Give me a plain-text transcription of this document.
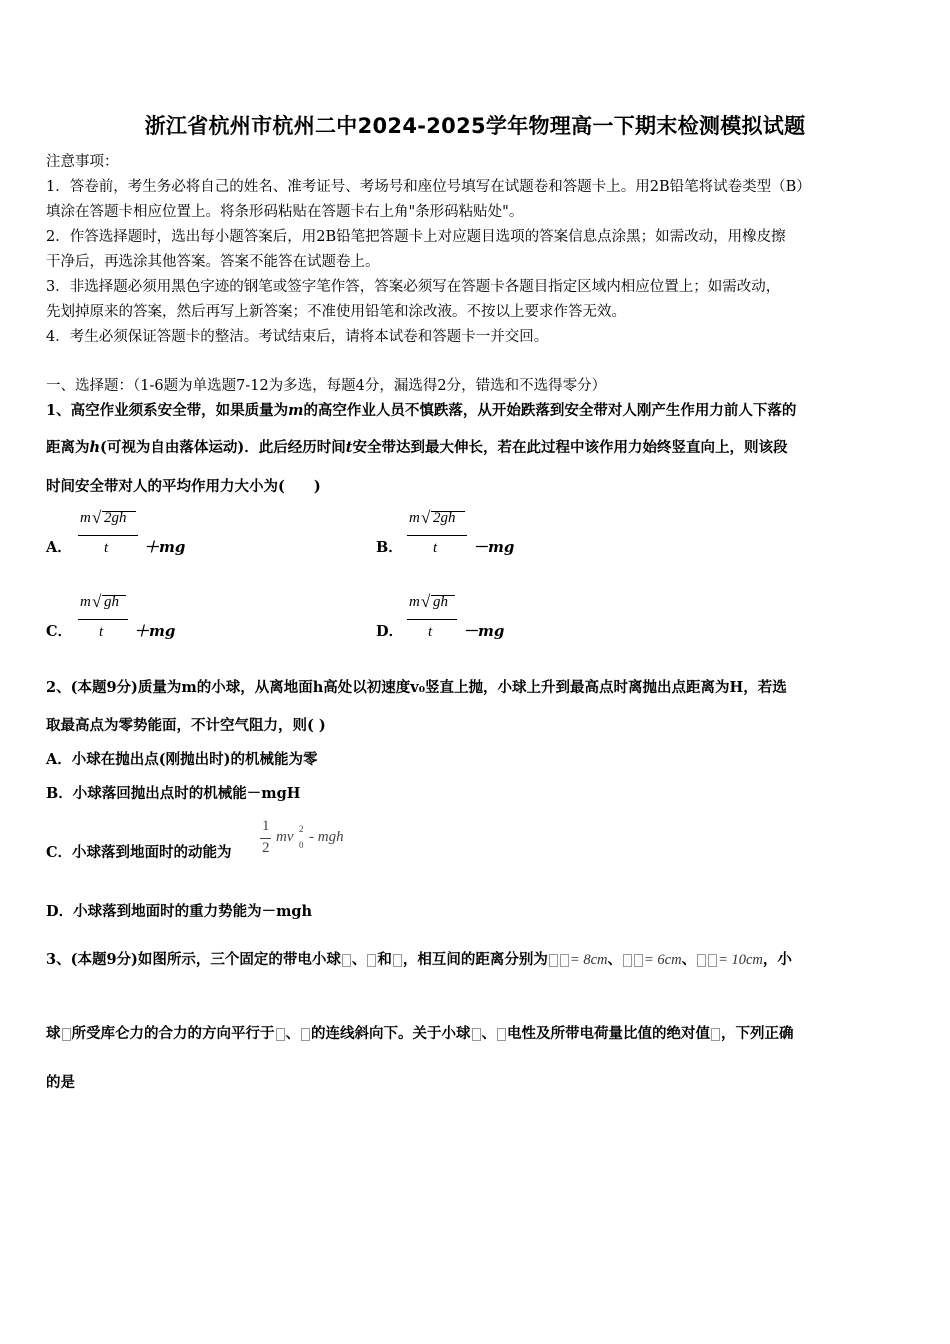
浙江省杭州市杭州二中2024-2025学年物理高一下期末检测模拟试题
注意事项：
1．答卷前，考生务必将自己的姓名、准考证号、考场号和座位号填写在试题卷和答题卡上。用2B铅笔将试卷类型（B）
填涂在答题卡相应位置上。将条形码粘贴在答题卡右上角"条形码粘贴处"。
2．作答选择题时，选出每小题答案后，用2B铅笔把答题卡上对应题目选项的答案信息点涂黑；如需改动，用橡皮擦
干净后，再选涂其他答案。答案不能答在试题卷上。
3．非选择题必须用黑色字迹的钢笔或签字笔作答，答案必须写在答题卡各题目指定区域内相应位置上；如需改动，
先划掉原来的答案，然后再写上新答案；不准使用铅笔和涂改液。不按以上要求作答无效。
4．考生必须保证答题卡的整洁。考试结束后，请将本试卷和答题卡一并交回。
一、选择题：（1-6题为单选题7-12为多选，每题4分，漏选得2分，错选和不选得零分）
1、高空作业须系安全带，如果质量为m的高空作业人员不慎跌落，从开始跌落到安全带对人刚产生作用力前人下落的
距离为h(可视为自由落体运动)．此后经历时间t安全带达到最大伸长，若在此过程中该作用力始终竖直向上，则该段
时间安全带对人的平均作用力大小为(　　)
A．
m √ 2gh
t ＋mg	B．
m √ 2gh
t －mg
C．
m √ gh
t ＋mg	D．
m √ gh
t －mg
2、(本题9分)质量为m的小球，从离地面h高处以初速度v₀竖直上抛，小球上升到最高点时离抛出点距离为H，若选
取最高点为零势能面，不计空气阻力，则( )
A．小球在抛出点(刚抛出时)的机械能为零
B．小球落回抛出点时的机械能－mgH
C．小球落到地面时的动能为
1
2
mv 2
0 - mgh
D．小球落到地面时的重力势能为－mgh
3、(本题9分)如图所示，三个固定的带电小球 、 和 ，相互间的距离分别为 = 8cm、 = 6cm、 = 10cm，小
球 所受库仑力的合力的方向平行于 、 的连线斜向下。关于小球 、 电性及所带电荷量比值的绝对值 ，下列正确
的是
